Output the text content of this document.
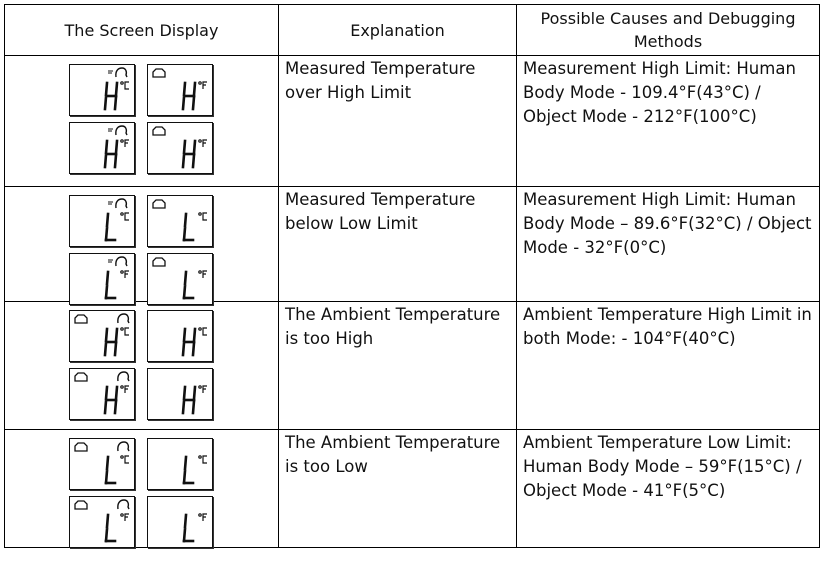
The Screen Display	Explanation	Possible Causes and Debugging Methods

	Measured Temperature over High Limit	Measurement High Limit: Human Body Mode - 109.4°F(43°C) / Object Mode - 212°F(100°C)

	Measured Temperature below Low Limit	Measurement High Limit: Human Body Mode – 89.6°F(32°C) / Object Mode - 32°F(0°C)

	The Ambient Temperature is too High	Ambient Temperature High Limit in both Mode: - 104°F(40°C)

	The Ambient Temperature is too Low	Ambient Temperature Low Limit: Human Body Mode – 59°F(15°C) / Object Mode - 41°F(5°C)
